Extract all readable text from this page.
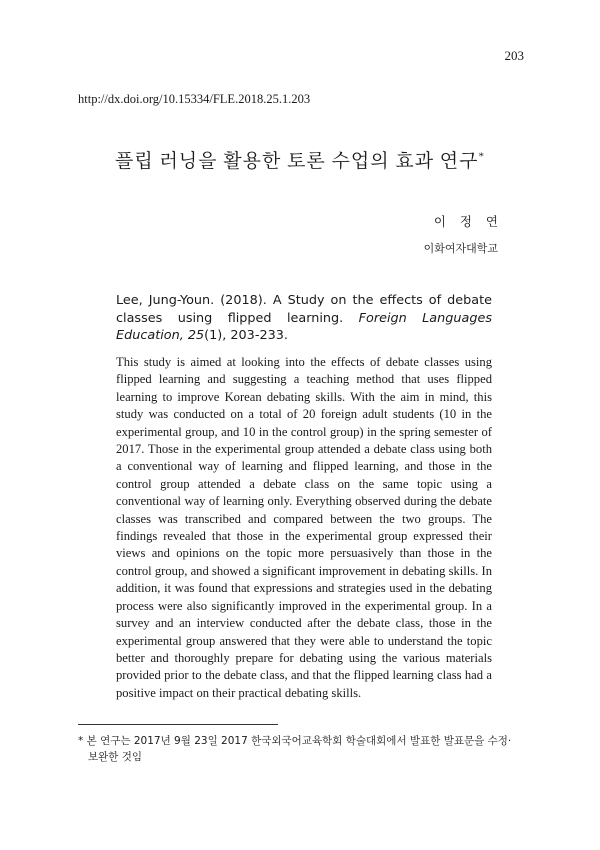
203
http://dx.doi.org/10.15334/FLE.2018.25.1.203
플립 러닝을 활용한 토론 수업의 효과 연구*
이 정 연
이화여자대학교
Lee, Jung-Youn. (2018). A Study on the effects of debate classes using flipped learning. Foreign Languages Education, 25(1), 203-233.
This study is aimed at looking into the effects of debate classes using flipped learning and suggesting a teaching method that uses flipped learning to improve Korean debating skills. With the aim in mind, this study was conducted on a total of 20 foreign adult students (10 in the experimental group, and 10 in the control group) in the spring semester of 2017. Those in the experimental group attended a debate class using both a conventional way of learning and flipped learning, and those in the control group attended a debate class on the same topic using a conventional way of learning only. Everything observed during the debate classes was transcribed and compared between the two groups. The findings revealed that those in the experimental group expressed their views and opinions on the topic more persuasively than those in the control group, and showed a significant improvement in debating skills. In addition, it was found that expressions and strategies used in the debating process were also significantly improved in the experimental group. In a survey and an interview conducted after the debate class, those in the experimental group answered that they were able to understand the topic better and thoroughly prepare for debating using the various materials provided prior to the debate class, and that the flipped learning class had a positive impact on their practical debating skills.
* 본 연구는 2017년 9월 23일 2017 한국외국어교육학회 학술대회에서 발표한 발표문을 수정·
보완한 것임
